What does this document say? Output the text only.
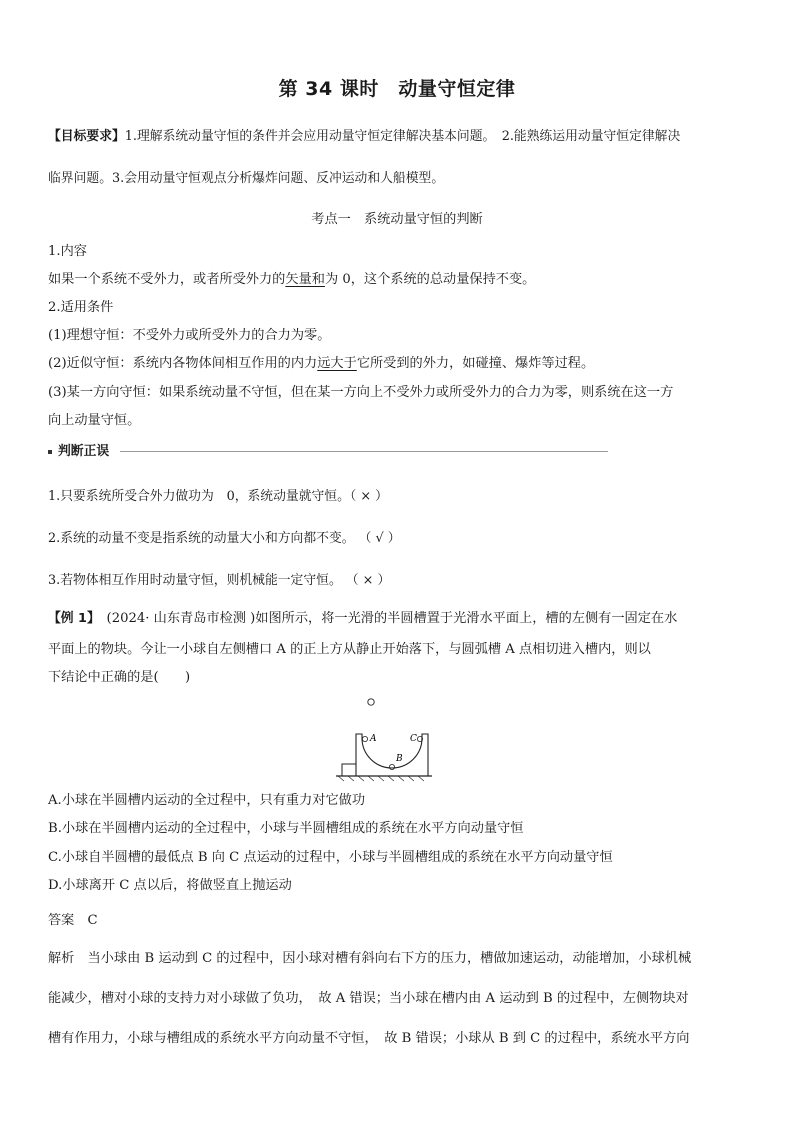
第 34 课时　动量守恒定律
【目标要求】1.理解系统动量守恒的条件并会应用动量守恒定律解决基本问题。　2.能熟练运用动量守恒定律解决
临界问题。3.会用动量守恒观点分析爆炸问题、反冲运动和人船模型。
考点一　系统动量守恒的判断
1.内容
如果一个系统不受外力，或者所受外力的矢量和为 0，这个系统的总动量保持不变。
2.适用条件
(1)理想守恒：不受外力或所受外力的合力为零。
(2)近似守恒：系统内各物体间相互作用的内力远大于它所受到的外力，如碰撞、爆炸等过程。
(3)某一方向守恒：如果系统动量不守恒，但在某一方向上不受外力或所受外力的合力为零，则系统在这一方
向上动量守恒。
判断正误
1.只要系统所受合外力做功为　0，系统动量就守恒。（ × ）
2.系统的动量不变是指系统的动量大小和方向都不变。 （ √ ）
3.若物体相互作用时动量守恒，则机械能一定守恒。 （ × ）
【例 1】　(2024· 山东青岛市检测 )如图所示，将一光滑的半圆槽置于光滑水平面上，槽的左侧有一固定在水
平面上的物块。今让一小球自左侧槽口 A 的正上方从静止开始落下，与圆弧槽 A 点相切进入槽内，则以
下结论中正确的是(　　)
A
B
C
A.小球在半圆槽内运动的全过程中，只有重力对它做功
B.小球在半圆槽内运动的全过程中，小球与半圆槽组成的系统在水平方向动量守恒
C.小球自半圆槽的最低点 B 向 C 点运动的过程中，小球与半圆槽组成的系统在水平方向动量守恒
D.小球离开 C 点以后，将做竖直上抛运动
答案　C
解析　当小球由 B 运动到 C 的过程中，因小球对槽有斜向右下方的压力，槽做加速运动，动能增加，小球机械
能减少，槽对小球的支持力对小球做了负功，　故 A 错误；当小球在槽内由 A 运动到 B 的过程中，左侧物块对
槽有作用力，小球与槽组成的系统水平方向动量不守恒，　故 B 错误；小球从 B 到 C 的过程中，系统水平方向
